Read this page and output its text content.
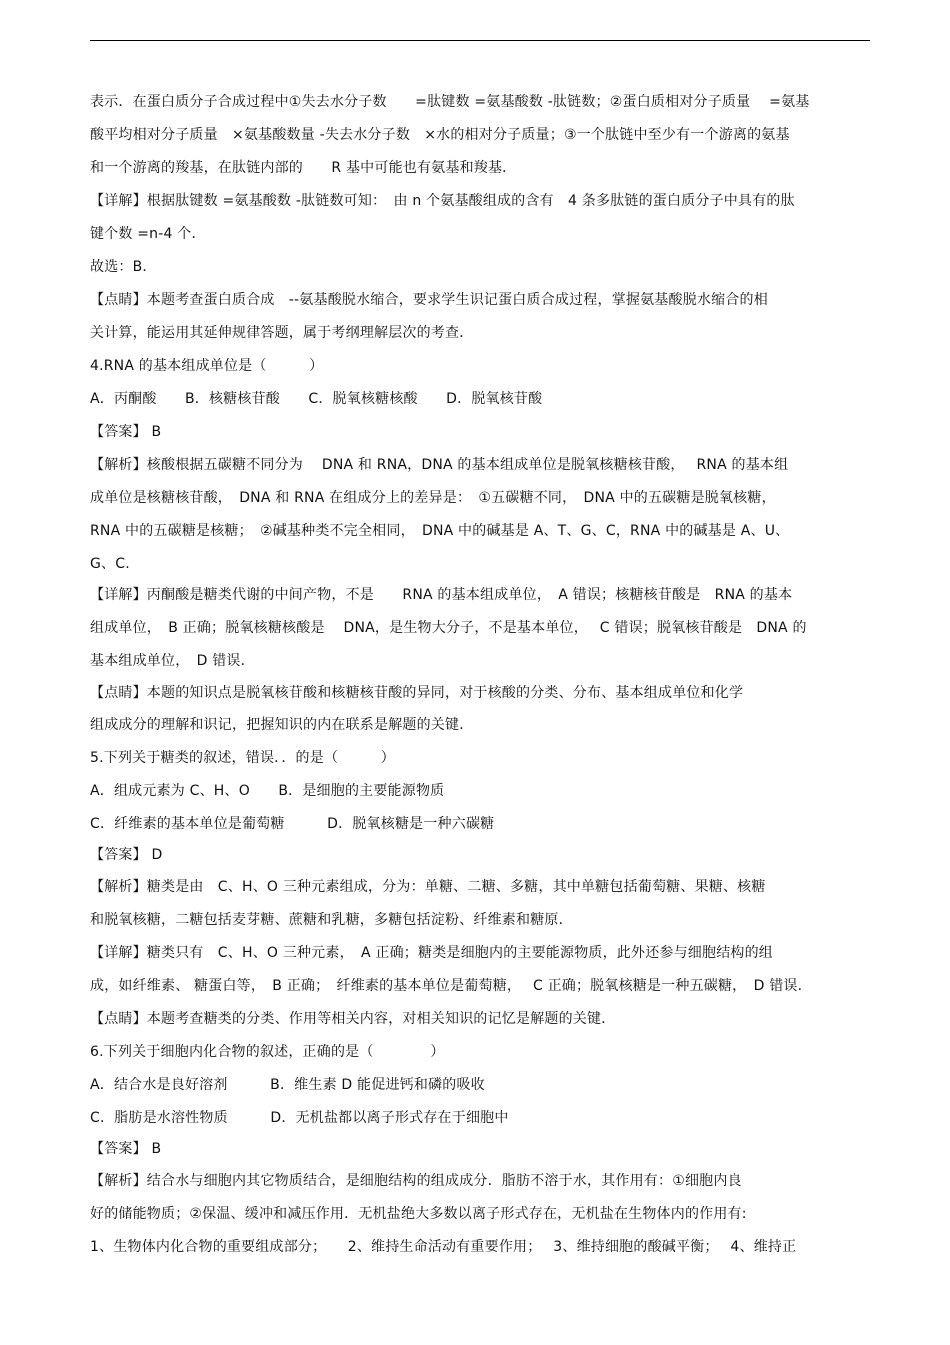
表示．在蛋白质分子合成过程中①失去水分子数　　=肽键数 =氨基酸数 -肽链数；②蛋白质相对分子质量　 =氨基

酸平均相对分子质量　×氨基酸数量 -失去水分子数　×水的相对分子质量；③一个肽链中至少有一个游离的氨基

和一个游离的羧基，在肽链内部的　　R 基中可能也有氨基和羧基．

【详解】根据肽键数 =氨基酸数 -肽链数可知：　由 n 个氨基酸组成的含有　4 条多肽链的蛋白质分子中具有的肽

键个数 =n-4 个．

故选：B．

【点睛】本题考查蛋白质合成　--氨基酸脱水缩合，要求学生识记蛋白质合成过程，掌握氨基酸脱水缩合的相

关计算，能运用其延伸规律答题，属于考纲理解层次的考查．

4.RNA 的基本组成单位是（　　　）

A．丙酮酸　　B．核糖核苷酸　　C．脱氧核糖核酸　　D．脱氧核苷酸

【答案】 B

【解析】核酸根据五碳糖不同分为　 DNA 和 RNA，DNA 的基本组成单位是脱氧核糖核苷酸，　 RNA 的基本组

成单位是核糖核苷酸，　DNA 和 RNA 在组成分上的差异是：　①五碳糖不同，　DNA 中的五碳糖是脱氧核糖，

RNA 中的五碳糖是核糖；　②碱基种类不完全相同，　DNA 中的碱基是 A、T、G、C，RNA 中的碱基是 A、U、

G、C.

【详解】丙酮酸是糖类代谢的中间产物，不是　　RNA 的基本组成单位，　A 错误；核糖核苷酸是　RNA 的基本

组成单位，　B 正确；脱氧核糖核酸是　 DNA，是生物大分子，不是基本单位，　 C 错误；脱氧核苷酸是　DNA 的

基本组成单位，　D 错误．

【点睛】本题的知识点是脱氧核苷酸和核糖核苷酸的异同，对于核酸的分类、分布、基本组成单位和化学

组成成分的理解和识记，把握知识的内在联系是解题的关键．

5.下列关于糖类的叙述，错误．．的是（　　　）

A．组成元素为 C、H、O　　B．是细胞的主要能源物质

C．纤维素的基本单位是葡萄糖　　　D．脱氧核糖是一种六碳糖

【答案】 D

【解析】糖类是由　C、H、O 三种元素组成，分为：单糖、二糖、多糖，其中单糖包括葡萄糖、果糖、核糖

和脱氧核糖，二糖包括麦芽糖、蔗糖和乳糖，多糖包括淀粉、纤维素和糖原．

【详解】糖类只有　C、H、O 三种元素，　A 正确；糖类是细胞内的主要能源物质，此外还参与细胞结构的组

成，如纤维素、 糖蛋白等，　B 正确；　纤维素的基本单位是葡萄糖，　 C 正确；脱氧核糖是一种五碳糖，　D 错误．

【点睛】本题考查糖类的分类、作用等相关内容，对相关知识的记忆是解题的关键．

6.下列关于细胞内化合物的叙述，正确的是（　　　　）

A．结合水是良好溶剂　　　B．维生素 D 能促进钙和磷的吸收

C．脂肪是水溶性物质　　　D．无机盐都以离子形式存在于细胞中

【答案】 B

【解析】结合水与细胞内其它物质结合，是细胞结构的组成成分．脂肪不溶于水，其作用有：①细胞内良

好的储能物质；②保温、缓冲和减压作用．无机盐绝大多数以离子形式存在，无机盐在生物体内的作用有:

1、生物体内化合物的重要组成部分；　　2、维持生命活动有重要作用；　 3、维持细胞的酸碱平衡；　 4、维持正
